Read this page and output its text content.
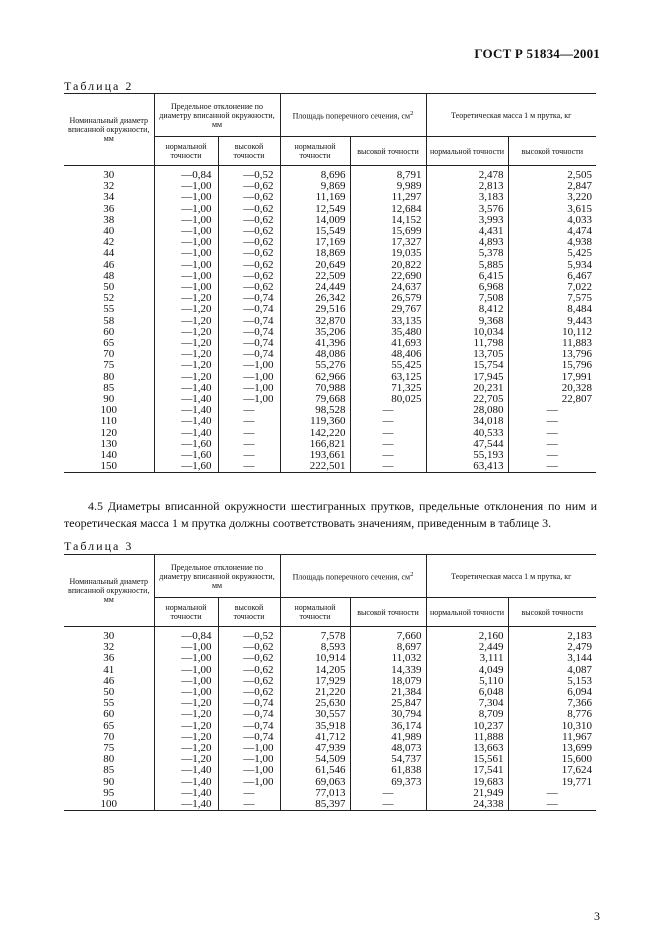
ГОСТ Р 51834—2001
Таблица 2
Номинальный диаметр вписанной окружности, мм	Предельное отклонение по диаметру вписанной окружности, мм		Площадь поперечного сечения, $см^2$		Теоретическая масса 1 м прутка, кг	
	нормальной точности	высокой точности	нормальной точности	высокой точности	нормальной точности	высокой точности
30	—0,84	—0,52	8,696	8,791	2,478	2,505
32	—1,00	—0,62	9,869	9,989	2,813	2,847
34	—1,00	—0,62	11,169	11,297	3,183	3,220
36	—1,00	—0,62	12,549	12,684	3,576	3,615
38	—1,00	—0,62	14,009	14,152	3,993	4,033
40	—1,00	—0,62	15,549	15,699	4,431	4,474
42	—1,00	—0,62	17,169	17,327	4,893	4,938
44	—1,00	—0,62	18,869	19,035	5,378	5,425
46	—1,00	—0,62	20,649	20,822	5,885	5,934
48	—1,00	—0,62	22,509	22,690	6,415	6,467
50	—1,00	—0,62	24,449	24,637	6,968	7,022
52	—1,20	—0,74	26,342	26,579	7,508	7,575
55	—1,20	—0,74	29,516	29,767	8,412	8,484
58	—1,20	—0,74	32,870	33,135	9,368	9,443
60	—1,20	—0,74	35,206	35,480	10,034	10,112
65	—1,20	—0,74	41,396	41,693	11,798	11,883
70	—1,20	—0,74	48,086	48,406	13,705	13,796
75	—1,20	—1,00	55,276	55,425	15,754	15,796
80	—1,20	—1,00	62,966	63,125	17,945	17,991
85	—1,40	—1,00	70,988	71,325	20,231	20,328
90	—1,40	—1,00	79,668	80,025	22,705	22,807
100	—1,40	—	98,528	—	28,080	—
110	—1,40	—	119,360	—	34,018	—
120	—1,40	—	142,220	—	40,533	—
130	—1,60	—	166,821	—	47,544	—
140	—1,60	—	193,661	—	55,193	—
150	—1,60	—	222,501	—	63,413	—
4.5 Диаметры вписанной окружности шестигранных прутков, предельные отклонения по ним и теоретическая масса 1 м прутка должны соответствовать значениям, приведенным в таблице 3.
Таблица 3
Номинальный диаметр вписанной окружности, мм	Предельное отклонение по диаметру вписанной окружности, мм		Площадь поперечного сечения, $см^2$		Теоретическая масса 1 м прутка, кг	
	нормальной точности	высокой точности	нормальной точности	высокой точности	нормальной точности	высокой точности
30	—0,84	—0,52	7,578	7,660	2,160	2,183
32	—1,00	—0,62	8,593	8,697	2,449	2,479
36	—1,00	—0,62	10,914	11,032	3,111	3,144
41	—1,00	—0,62	14,205	14,339	4,049	4,087
46	—1,00	—0,62	17,929	18,079	5,110	5,153
50	—1,00	—0,62	21,220	21,384	6,048	6,094
55	—1,20	—0,74	25,630	25,847	7,304	7,366
60	—1,20	—0,74	30,557	30,794	8,709	8,776
65	—1,20	—0,74	35,918	36,174	10,237	10,310
70	—1,20	—0,74	41,712	41,989	11,888	11,967
75	—1,20	—1,00	47,939	48,073	13,663	13,699
80	—1,20	—1,00	54,509	54,737	15,561	15,600
85	—1,40	—1,00	61,546	61,838	17,541	17,624
90	—1,40	—1,00	69,063	69,373	19,683	19,771
95	—1,40	—	77,013	—	21,949	—
100	—1,40	—	85,397	—	24,338	—
3
